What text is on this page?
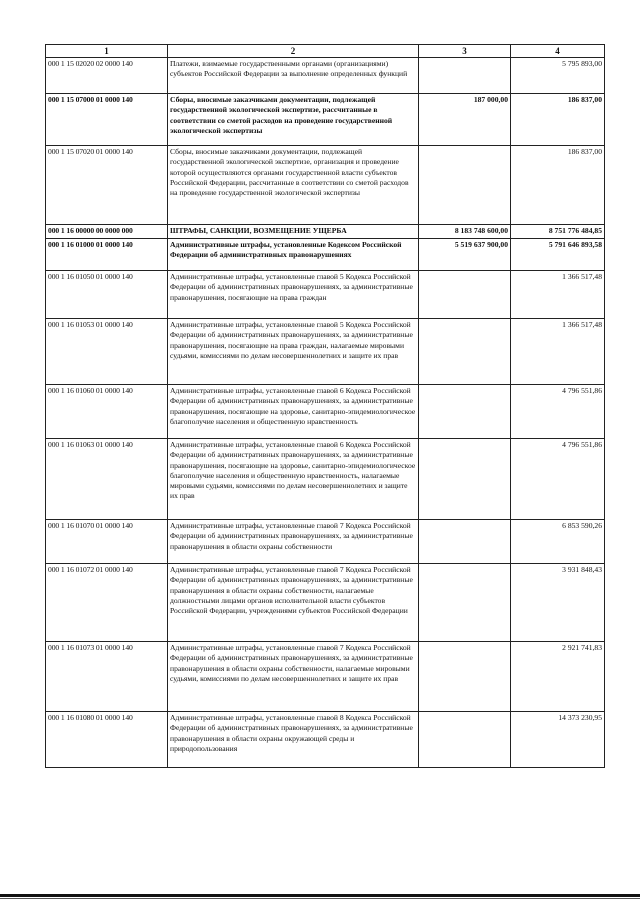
1	2	3	4
000 1 15 02020 02 0000 140	Платежи, взимаемые государственными органами (организациями) субъектов Российской Федерации за выполнение определенных функций		5 795 893,00
000 1 15 07000 01 0000 140	Сборы, вносимые заказчиками документации, подлежащей государственной экологической экспертизе, рассчитанные в соответствии со сметой расходов на проведение государственной экологической экспертизы	187 000,00	186 837,00
000 1 15 07020 01 0000 140	Сборы, вносимые заказчиками документации, подлежащей государственной экологической экспертизе, организация и проведение которой осуществляются органами государственной власти субъектов Российской Федерации, рассчитанные в соответствии со сметой расходов на проведение государственной экологической экспертизы		186 837,00
000 1 16 00000 00 0000 000	ШТРАФЫ, САНКЦИИ, ВОЗМЕЩЕНИЕ УЩЕРБА	8 183 748 600,00	8 751 776 484,85
000 1 16 01000 01 0000 140	Административные штрафы, установленные Кодексом Российской Федерации об административных правонарушениях	5 519 637 900,00	5 791 646 893,58
000 1 16 01050 01 0000 140	Административные штрафы, установленные главой 5 Кодекса Российской Федерации об административных правонарушениях, за административные правонарушения, посягающие на права граждан		1 366 517,48
000 1 16 01053 01 0000 140	Административные штрафы, установленные главой 5 Кодекса Российской Федерации об административных правонарушениях, за административные правонарушения, посягающие на права граждан, налагаемые мировыми судьями, комиссиями по делам несовершеннолетних и защите их прав		1 366 517,48
000 1 16 01060 01 0000 140	Административные штрафы, установленные главой 6 Кодекса Российской Федерации об административных правонарушениях, за административные правонарушения, посягающие на здоровье, санитарно-эпидемиологическое благополучие населения и общественную нравственность		4 796 551,86
000 1 16 01063 01 0000 140	Административные штрафы, установленные главой 6 Кодекса Российской Федерации об административных правонарушениях, за административные правонарушения, посягающие на здоровье, санитарно-эпидемиологическое благополучие населения и общественную нравственность, налагаемые мировыми судьями, комиссиями по делам несовершеннолетних и защите их прав		4 796 551,86
000 1 16 01070 01 0000 140	Административные штрафы, установленные главой 7 Кодекса Российской Федерации об административных правонарушениях, за административные правонарушения в области охраны собственности		6 853 590,26
000 1 16 01072 01 0000 140	Административные штрафы, установленные главой 7 Кодекса Российской Федерации об административных правонарушениях, за административные правонарушения в области охраны собственности, налагаемые должностными лицами органов исполнительной власти субъектов Российской Федерации, учреждениями субъектов Российской Федерации		3 931 848,43
000 1 16 01073 01 0000 140	Административные штрафы, установленные главой 7 Кодекса Российской Федерации об административных правонарушениях, за административные правонарушения в области охраны собственности, налагаемые мировыми судьями, комиссиями по делам несовершеннолетних и защите их прав		2 921 741,83
000 1 16 01080 01 0000 140	Административные штрафы, установленные главой 8 Кодекса Российской Федерации об административных правонарушениях, за административные правонарушения в области охраны окружающей среды и природопользования		14 373 230,95
